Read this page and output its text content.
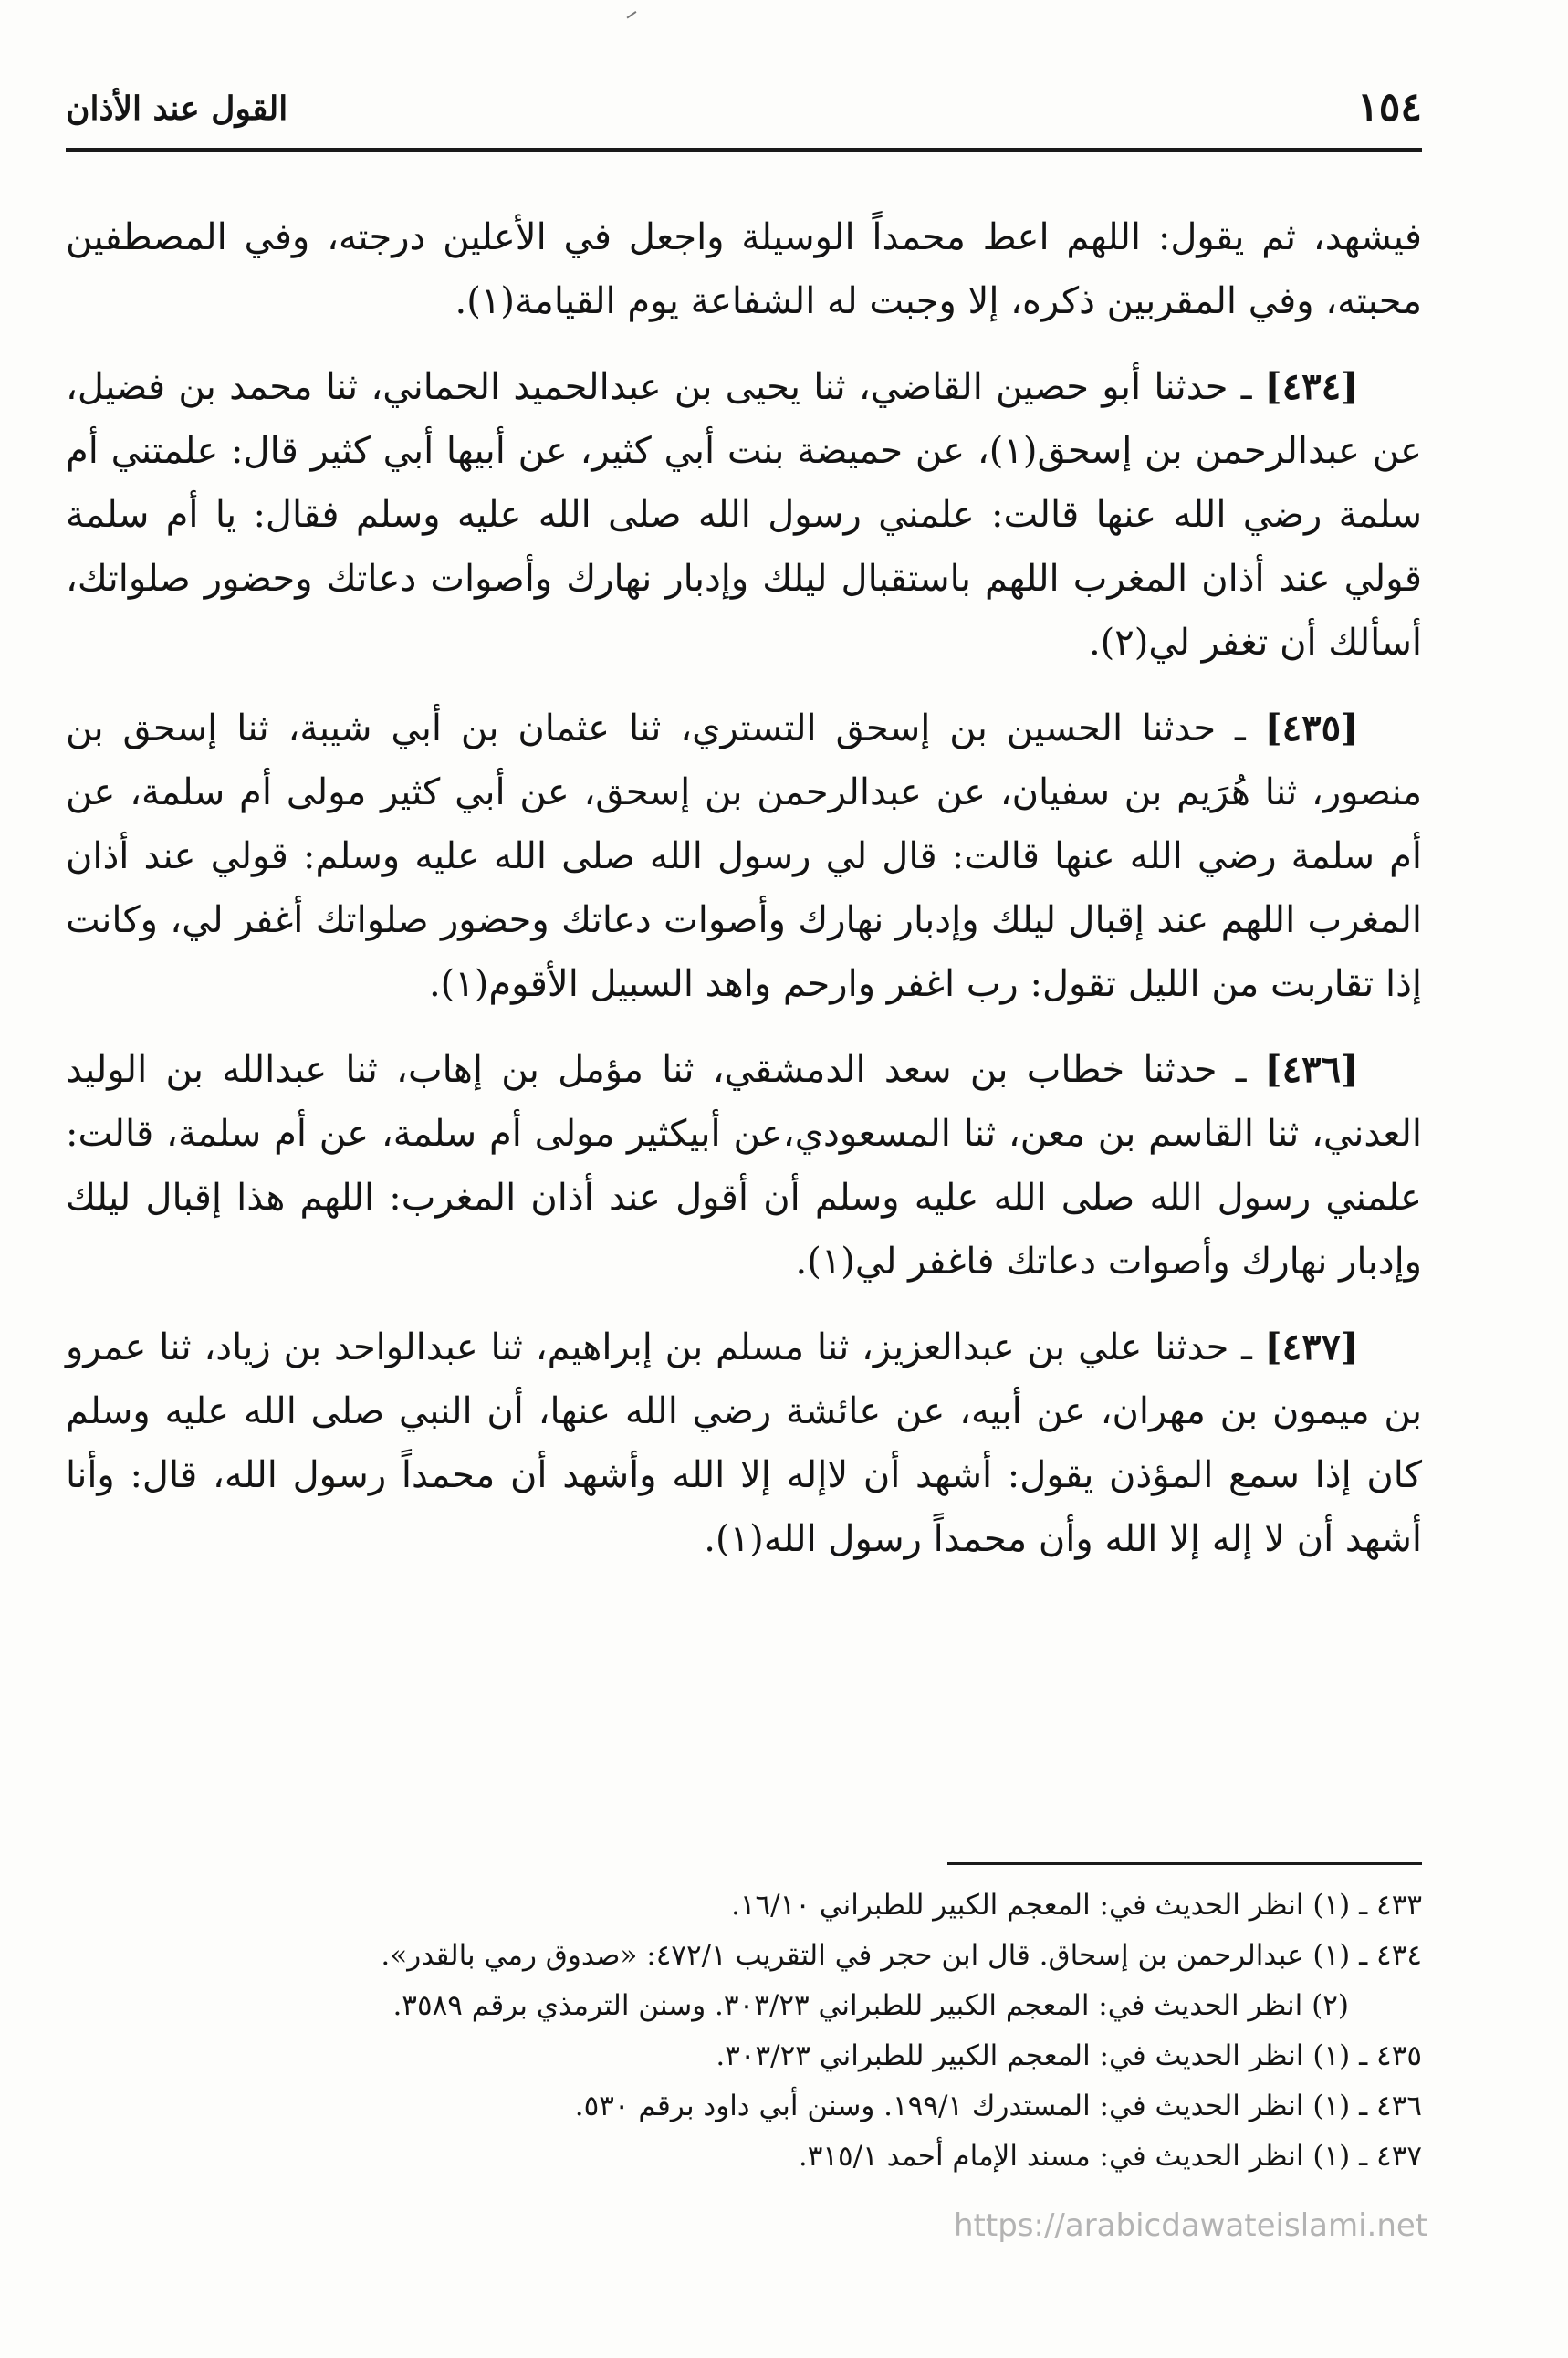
١٥٤
القول عند الأذان

فيشهد، ثم يقول: اللهم اعط محمداً الوسيلة واجعل في الأعلين درجته، وفي المصطفين محبته، وفي المقربين ذكره، إلا وجبت له الشفاعة يوم القيامة(١).

[٤٣٤] ـ حدثنا أبو حصين القاضي، ثنا يحيى بن عبدالحميد الحماني، ثنا محمد بن فضيل، عن عبدالرحمن بن إسحق(١)، عن حميضة بنت أبي كثير، عن أبيها أبي كثير قال: علمتني أم سلمة رضي الله عنها قالت: علمني رسول الله صلى الله عليه وسلم فقال: يا أم سلمة قولي عند أذان المغرب اللهم باستقبال ليلك وإدبار نهارك وأصوات دعاتك وحضور صلواتك، أسألك أن تغفر لي(٢).

[٤٣٥] ـ حدثنا الحسين بن إسحق التستري، ثنا عثمان بن أبي شيبة، ثنا إسحق بن منصور، ثنا هُرَيم بن سفيان، عن عبدالرحمن بن إسحق، عن أبي كثير مولى أم سلمة، عن أم سلمة رضي الله عنها قالت: قال لي رسول الله صلى الله عليه وسلم: قولي عند أذان المغرب اللهم عند إقبال ليلك وإدبار نهارك وأصوات دعاتك وحضور صلواتك أغفر لي، وكانت إذا تقاربت من الليل تقول: رب اغفر وارحم واهد السبيل الأقوم(١).

[٤٣٦] ـ حدثنا خطاب بن سعد الدمشقي، ثنا مؤمل بن إهاب، ثنا عبدالله بن الوليد العدني، ثنا القاسم بن معن، ثنا المسعودي،عن أبيكثير مولى أم سلمة، عن أم سلمة، قالت: علمني رسول الله صلى الله عليه وسلم أن أقول عند أذان المغرب: اللهم هذا إقبال ليلك وإدبار نهارك وأصوات دعاتك فاغفر لي(١).

[٤٣٧] ـ حدثنا علي بن عبدالعزيز، ثنا مسلم بن إبراهيم، ثنا عبدالواحد بن زياد، ثنا عمرو بن ميمون بن مهران، عن أبيه، عن عائشة رضي الله عنها، أن النبي صلى الله عليه وسلم كان إذا سمع المؤذن يقول: أشهد أن لاإله إلا الله وأشهد أن محمداً رسول الله، قال: وأنا أشهد أن لا إله إلا الله وأن محمداً رسول الله(١).

٤٣٣ ـ (١) انظر الحديث في: المعجم الكبير للطبراني ١٦/١٠.
٤٣٤ ـ (١) عبدالرحمن بن إسحاق. قال ابن حجر في التقريب ٤٧٢/١: «صدوق رمي بالقدر».
(٢) انظر الحديث في: المعجم الكبير للطبراني ٣٠٣/٢٣. وسنن الترمذي برقم ٣٥٨٩.
٤٣٥ ـ (١) انظر الحديث في: المعجم الكبير للطبراني ٣٠٣/٢٣.
٤٣٦ ـ (١) انظر الحديث في: المستدرك ١٩٩/١. وسنن أبي داود برقم ٥٣٠.
٤٣٧ ـ (١) انظر الحديث في: مسند الإمام أحمد ٣١٥/١.
https://arabicdawateislami.net
